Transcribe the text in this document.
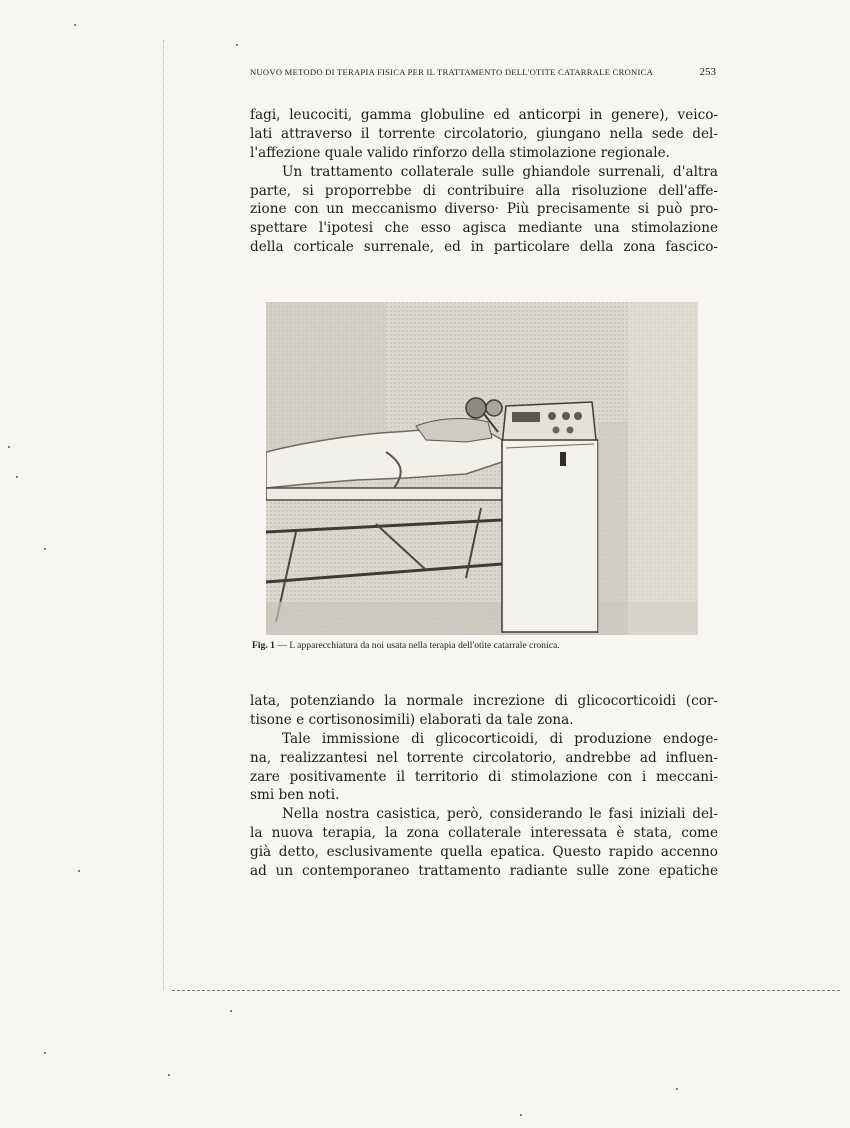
NUOVO METODO DI TERAPIA FISICA PER IL TRATTAMENTO DELL'OTITE CATARRALE CRONICA	253
fagi, leucociti, gamma globuline ed anticorpi in genere), veico-
lati attraverso il torrente circolatorio, giungano nella sede del-
l'affezione quale valido rinforzo della stimolazione regionale.
Un trattamento collaterale sulle ghiandole surrenali, d'altra
parte, si proporrebbe di contribuire alla risoluzione dell'affe-
zione con un meccanismo diverso· Più precisamente si può pro-
spettare l'ipotesi che esso agisca mediante una stimolazione
della corticale surrenale, ed in particolare della zona fascico-
Fig. 1 — L apparecchiatura da noi usata nella terapia dell'otite catarrale cronica.
lata, potenziando la normale increzione di glicocorticoidi (cor-
tisone e cortisonosimili) elaborati da tale zona.
Tale immissione di glicocorticoidi, di produzione endoge-
na, realizzantesi nel torrente circolatorio, andrebbe ad influen-
zare positivamente il territorio di stimolazione con i meccani-
smi ben noti.
Nella nostra casistica, però, considerando le fasi iniziali del-
la nuova terapia, la zona collaterale interessata è stata, come
già detto, esclusivamente quella epatica. Questo rapido accenno
ad un contemporaneo trattamento radiante sulle zone epatiche
